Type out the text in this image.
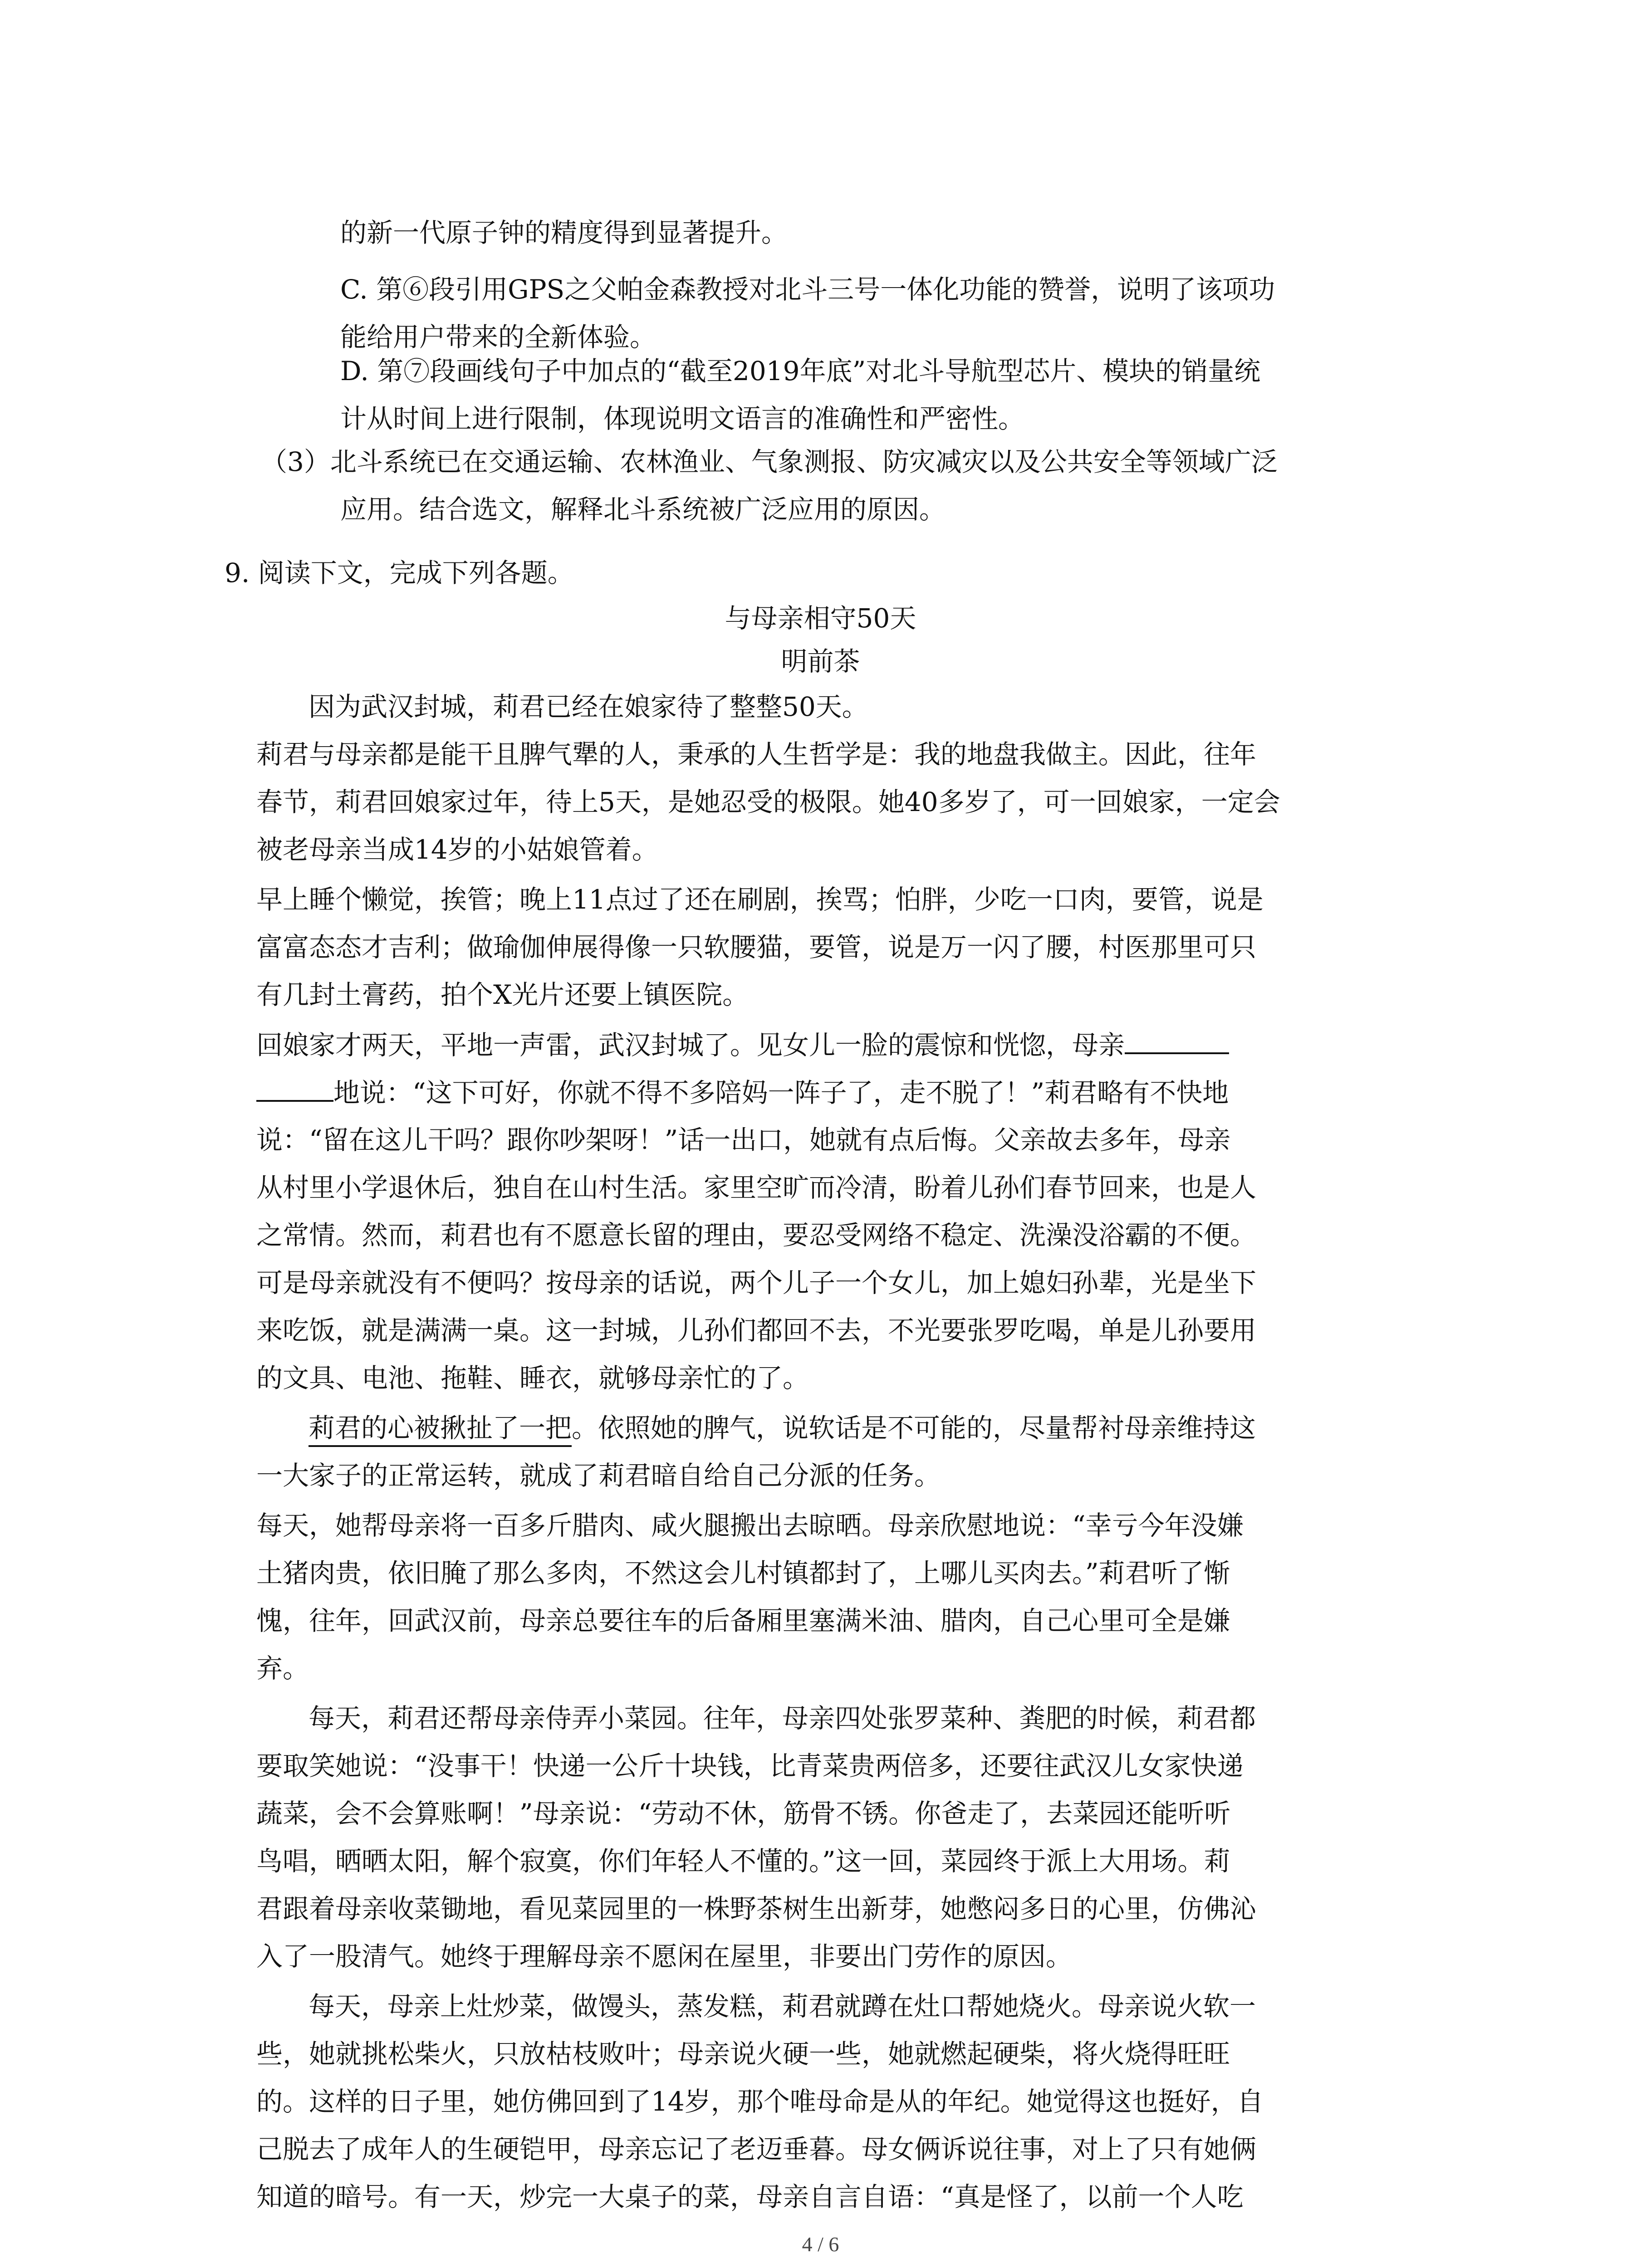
的新一代原子钟的精度得到显著提升。
C. 第⑥段引用GPS之父帕金森教授对北斗三号一体化功能的赞誉，说明了该项功
能给用户带来的全新体验。
D. 第⑦段画线句子中加点的“截至2019年底”对北斗导航型芯片、模块的销量统
计从时间上进行限制，体现说明文语言的准确性和严密性。
（3）北斗系统已在交通运输、农林渔业、气象测报、防灾减灾以及公共安全等领域广泛
应用。结合选文，解释北斗系统被广泛应用的原因。
9. 阅读下文，完成下列各题。
与母亲相守50天
明前茶
因为武汉封城，莉君已经在娘家待了整整50天。
莉君与母亲都是能干且脾气犟的人，秉承的人生哲学是：我的地盘我做主。因此，往年
春节，莉君回娘家过年，待上5天，是她忍受的极限。她40多岁了，可一回娘家，一定会
被老母亲当成14岁的小姑娘管着。
早上睡个懒觉，挨管；晚上11点过了还在刷剧，挨骂；怕胖，少吃一口肉，要管，说是
富富态态才吉利；做瑜伽伸展得像一只软腰猫，要管，说是万一闪了腰，村医那里可只
有几封土膏药，拍个X光片还要上镇医院。
回娘家才两天，平地一声雷，武汉封城了。见女儿一脸的震惊和恍惚，母亲
地说：“这下可好，你就不得不多陪妈一阵子了，走不脱了！”莉君略有不快地
说：“留在这儿干吗？跟你吵架呀！”话一出口，她就有点后悔。父亲故去多年，母亲
从村里小学退休后，独自在山村生活。家里空旷而冷清，盼着儿孙们春节回来，也是人
之常情。然而，莉君也有不愿意长留的理由，要忍受网络不稳定、洗澡没浴霸的不便。
可是母亲就没有不便吗？按母亲的话说，两个儿子一个女儿，加上媳妇孙辈，光是坐下
来吃饭，就是满满一桌。这一封城，儿孙们都回不去，不光要张罗吃喝，单是儿孙要用
的文具、电池、拖鞋、睡衣，就够母亲忙的了。
莉君的心被揪扯了一把。依照她的脾气，说软话是不可能的，尽量帮衬母亲维持这
一大家子的正常运转，就成了莉君暗自给自己分派的任务。
每天，她帮母亲将一百多斤腊肉、咸火腿搬出去晾晒。母亲欣慰地说：“幸亏今年没嫌
土猪肉贵，依旧腌了那么多肉，不然这会儿村镇都封了，上哪儿买肉去。”莉君听了惭
愧，往年，回武汉前，母亲总要往车的后备厢里塞满米油、腊肉，自己心里可全是嫌
弃。
每天，莉君还帮母亲侍弄小菜园。往年，母亲四处张罗菜种、粪肥的时候，莉君都
要取笑她说：“没事干！快递一公斤十块钱，比青菜贵两倍多，还要往武汉儿女家快递
蔬菜，会不会算账啊！”母亲说：“劳动不休，筋骨不锈。你爸走了，去菜园还能听听
鸟唱，晒晒太阳，解个寂寞，你们年轻人不懂的。”这一回，菜园终于派上大用场。莉
君跟着母亲收菜锄地，看见菜园里的一株野茶树生出新芽，她憋闷多日的心里，仿佛沁
入了一股清气。她终于理解母亲不愿闲在屋里，非要出门劳作的原因。
每天，母亲上灶炒菜，做馒头，蒸发糕，莉君就蹲在灶口帮她烧火。母亲说火软一
些，她就挑松柴火，只放枯枝败叶；母亲说火硬一些，她就燃起硬柴，将火烧得旺旺
的。这样的日子里，她仿佛回到了14岁，那个唯母命是从的年纪。她觉得这也挺好，自
己脱去了成年人的生硬铠甲，母亲忘记了老迈垂暮。母女俩诉说往事，对上了只有她俩
知道的暗号。有一天，炒完一大桌子的菜，母亲自言自语：“真是怪了，以前一个人吃
4 / 6
